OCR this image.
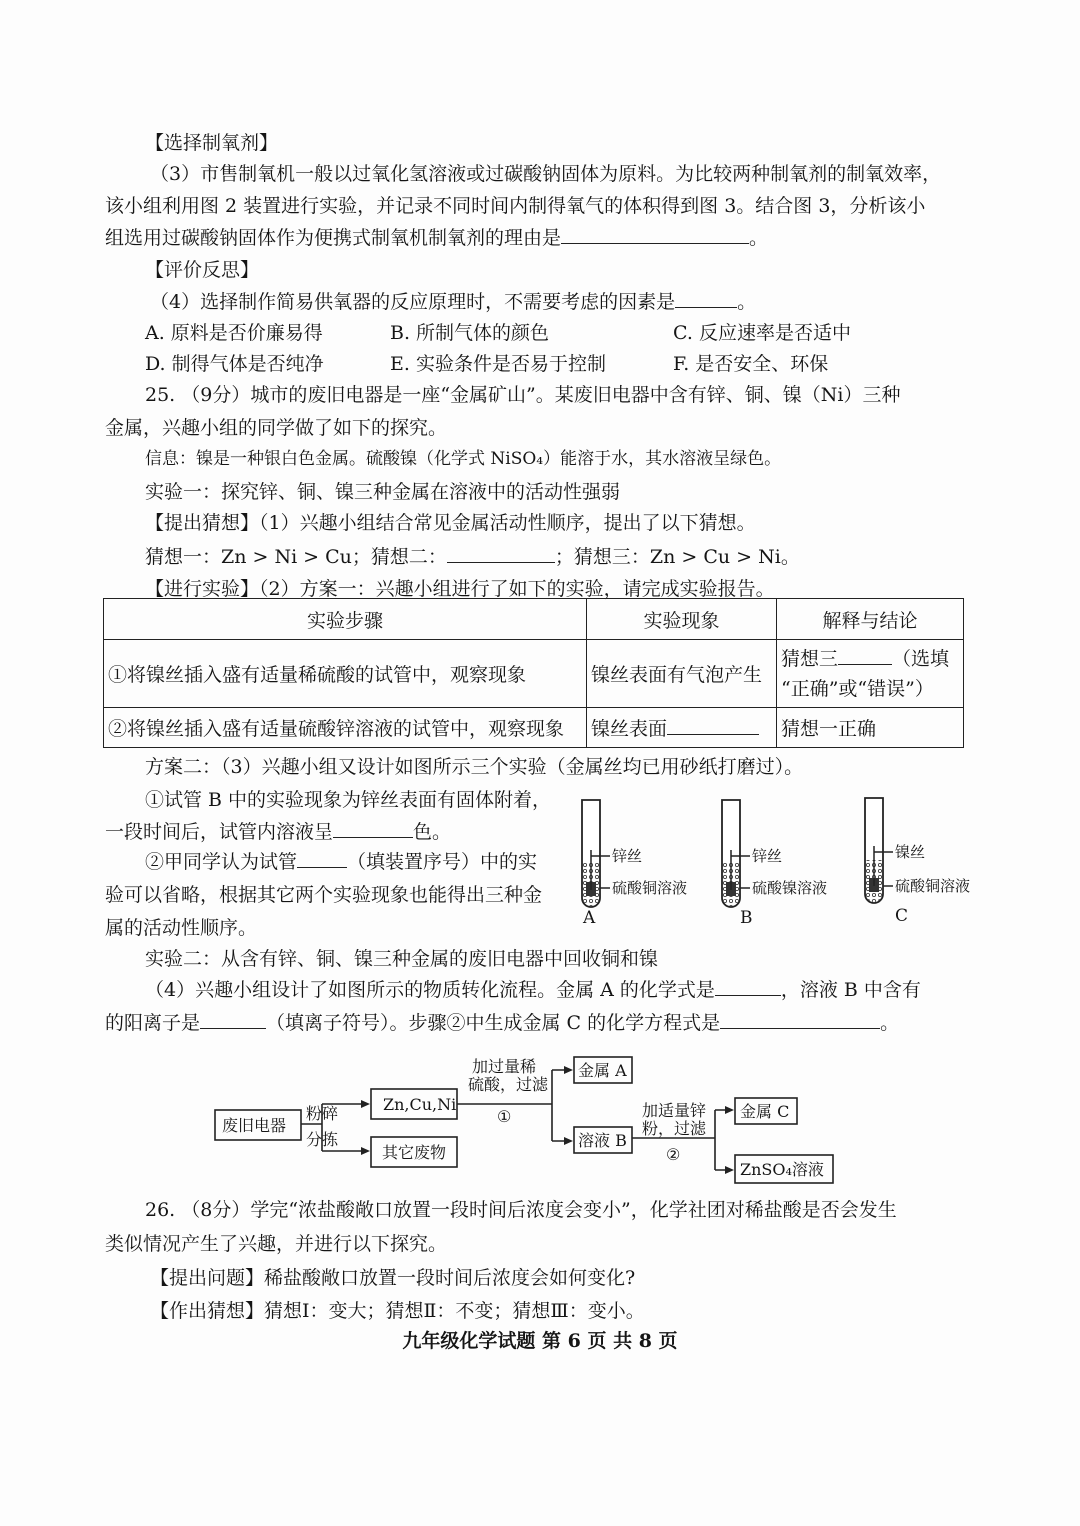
【选择制氧剂】
（3）市售制氧机一般以过氧化氢溶液或过碳酸钠固体为原料。为比较两种制氧剂的制氧效率，
该小组利用图 2 装置进行实验，并记录不同时间内制得氧气的体积得到图 3。结合图 3，分析该小
组选用过碳酸钠固体作为便携式制氧机制氧剂的理由是	。
【评价反思】
（4）选择制作简易供氧器的反应原理时，不需要考虑的因素是	。
A. 原料是否价廉易得	B. 所制气体的颜色	C. 反应速率是否适中
D. 制得气体是否纯净	E. 实验条件是否易于控制	F. 是否安全、环保
25. （9分）城市的废旧电器是一座“金属矿山”。某废旧电器中含有锌、铜、镍（Ni）三种
金属，兴趣小组的同学做了如下的探究。
信息：镍是一种银白色金属。硫酸镍（化学式 NiSO₄）能溶于水，其水溶液呈绿色。
实验一：探究锌、铜、镍三种金属在溶液中的活动性强弱
【提出猜想】（1）兴趣小组结合常见金属活动性顺序，提出了以下猜想。
猜想一：Zn > Ni > Cu；猜想二：	；猜想三：Zn > Cu > Ni。
【进行实验】（2）方案一：兴趣小组进行了如下的实验，请完成实验报告。
实验步骤	实验现象	解释与结论
①将镍丝插入盛有适量稀硫酸的试管中，观察现象	镍丝表面有气泡产生	猜想三 （选填
“正确”或“错误”）
②将镍丝插入盛有适量硫酸锌溶液的试管中，观察现象	镍丝表面	猜想一正确
方案二：（3）兴趣小组又设计如图所示三个实验（金属丝均已用砂纸打磨过）。
①试管 B 中的实验现象为锌丝表面有固体附着，
一段时间后，试管内溶液呈	色。
②甲同学认为试管	（填装置序号）中的实
验可以省略，根据其它两个实验现象也能得出三种金
属的活动性顺序。
锌丝
硫酸铜溶液
A
锌丝
硫酸镍溶液
B
镍丝
硫酸铜溶液
C
实验二：从含有锌、铜、镍三种金属的废旧电器中回收铜和镍
（4）兴趣小组设计了如图所示的物质转化流程。金属 A 的化学式是	，溶液 B 中含有
的阳离子是	（填离子符号）。步骤②中生成金属 C 的化学方程式是	。
废旧电器
粉碎
分拣
Zn,Cu,Ni
其它废物
加过量稀
硫酸，过滤
①
金属 A
溶液 B
加适量锌
粉，过滤
②
金属 C
ZnSO₄溶液
26. （8分）学完“浓盐酸敞口放置一段时间后浓度会变小”，化学社团对稀盐酸是否会发生
类似情况产生了兴趣，并进行以下探究。
【提出问题】稀盐酸敞口放置一段时间后浓度会如何变化?
【作出猜想】猜想Ⅰ：变大；猜想Ⅱ：不变；猜想Ⅲ：变小。
九年级化学试题 第 6 页 共 8 页
